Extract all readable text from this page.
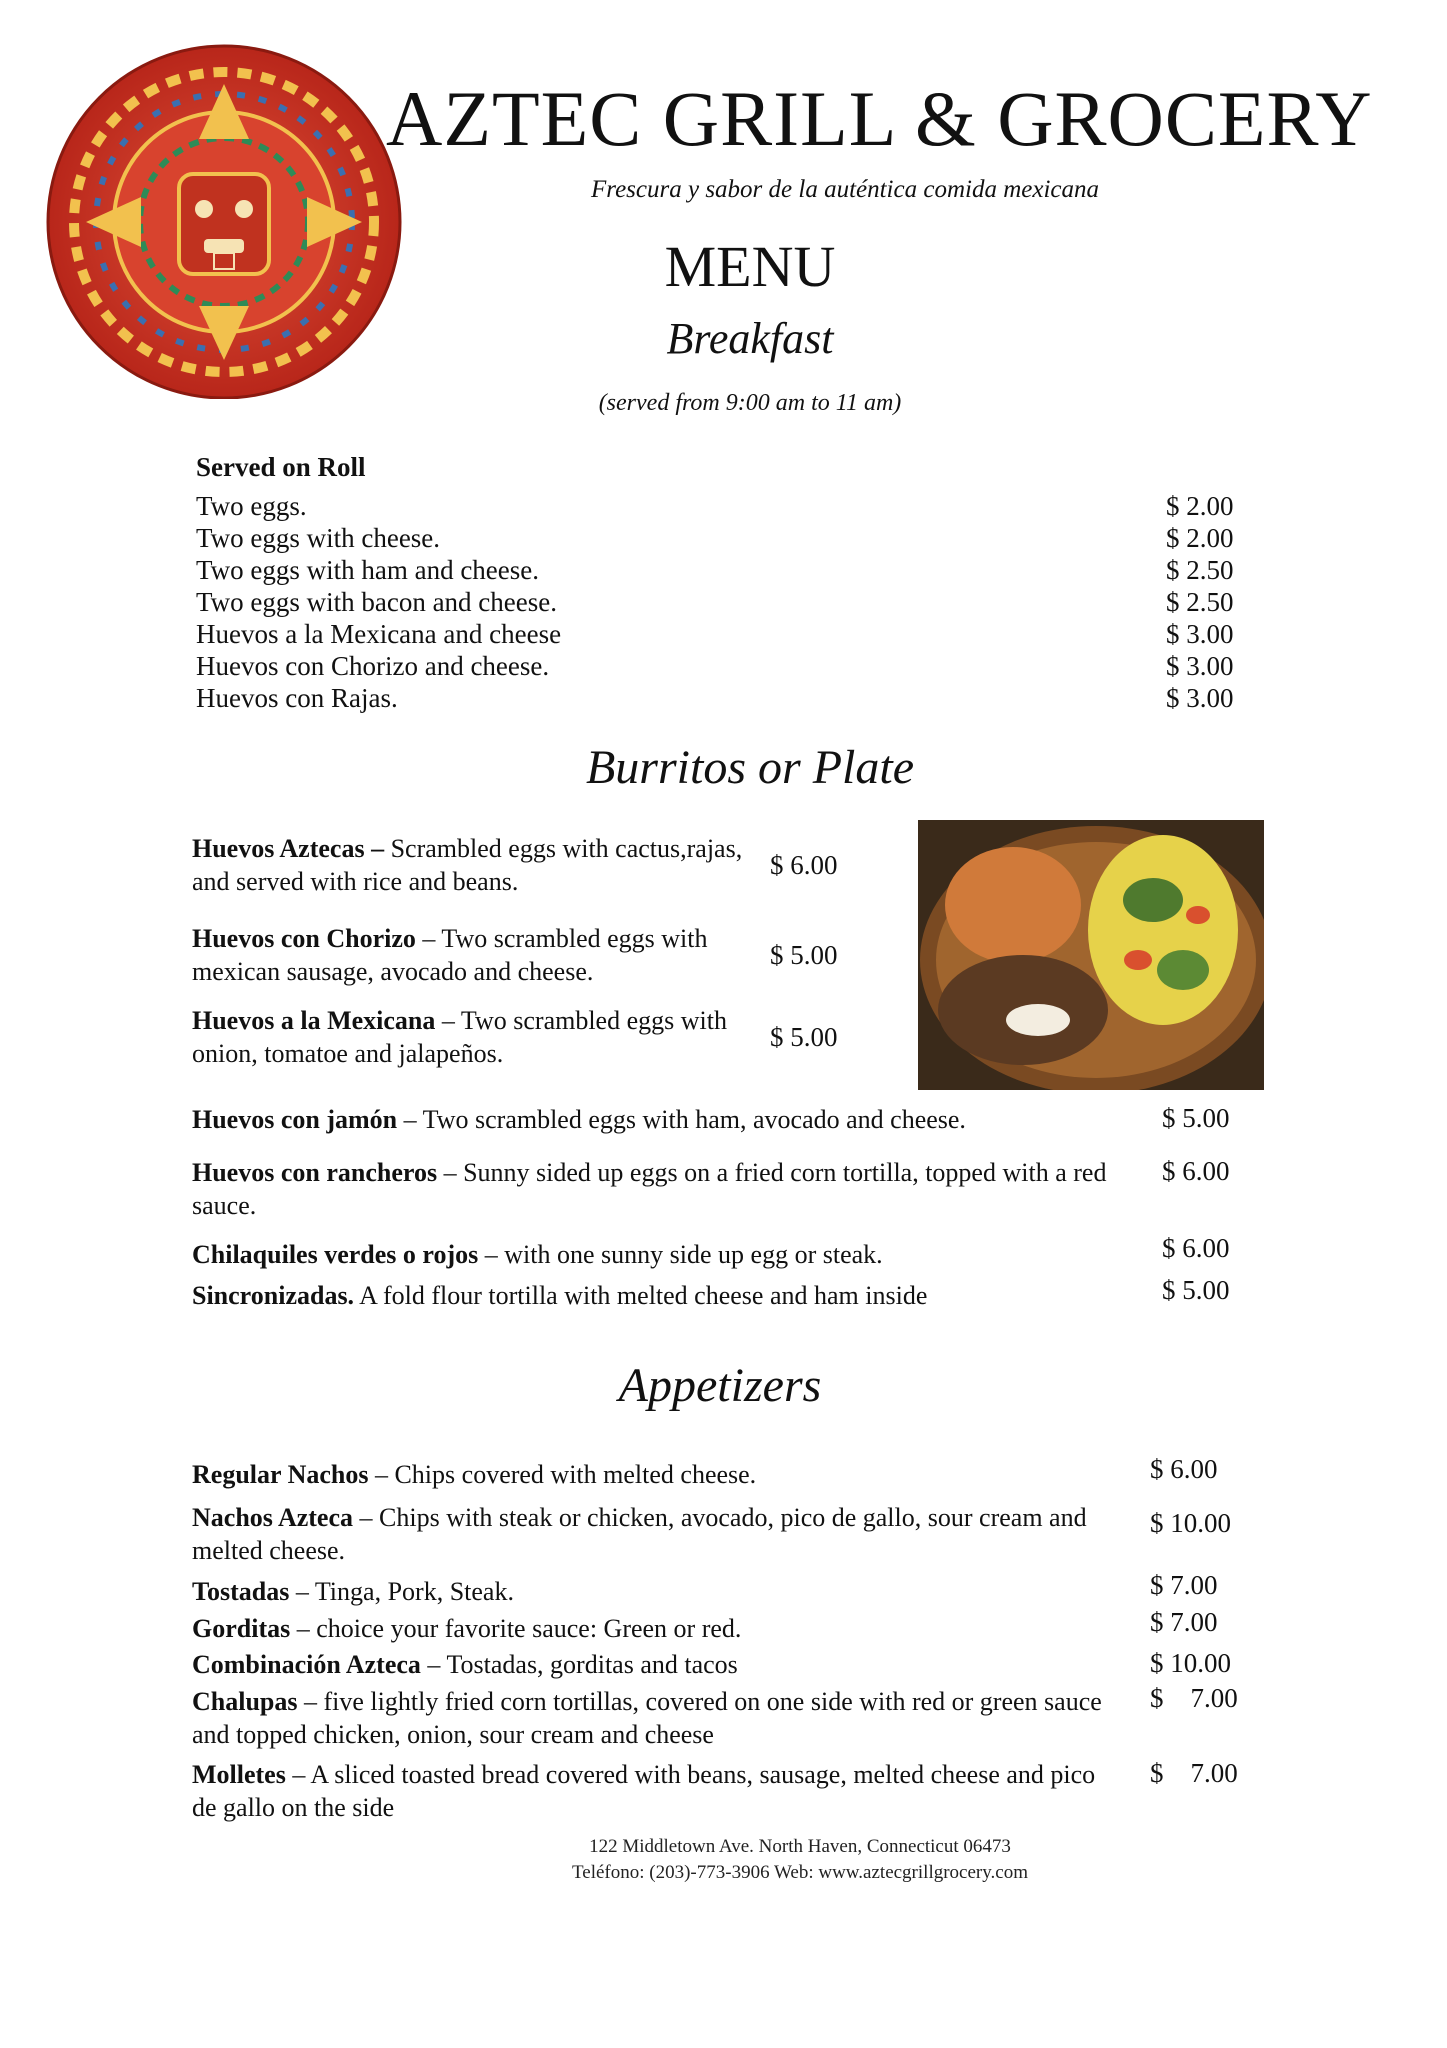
AZTEC GRILL & GROCERY
Frescura y sabor de la auténtica comida mexicana
MENU
Breakfast
(served from 9:00 am to 11 am)
Served on Roll
Two eggs.	$ 2.00
Two eggs with cheese.	$ 2.00
Two eggs with ham and cheese.	$ 2.50
Two eggs with bacon and cheese.	$ 2.50
Huevos a la Mexicana and cheese	$ 3.00
Huevos con Chorizo and cheese.	$ 3.00
Huevos con Rajas.	$ 3.00
Burritos or Plate
Huevos Aztecas – Scrambled eggs with cactus,rajas, and served with rice and beans.
$ 6.00
Huevos con Chorizo – Two scrambled eggs with mexican sausage, avocado and cheese.
$ 5.00
Huevos a la Mexicana – Two scrambled eggs with onion, tomatoe and jalapeños.
$ 5.00
Huevos con jamón – Two scrambled eggs with ham, avocado and cheese.	$ 5.00
Huevos con rancheros – Sunny sided up eggs on a fried corn tortilla, topped with a red sauce.
$ 6.00
Chilaquiles verdes o rojos – with one sunny side up egg or steak.	$ 6.00
Sincronizadas. A fold flour tortilla with melted cheese and ham inside	$ 5.00
Appetizers
Regular Nachos – Chips covered with melted cheese.	$ 6.00
Nachos Azteca – Chips with steak or chicken, avocado, pico de gallo, sour cream and melted cheese.
$ 10.00
Tostadas – Tinga, Pork, Steak.	$ 7.00
Gorditas – choice your favorite sauce: Green or red.	$ 7.00
Combinación Azteca – Tostadas, gorditas and tacos	$ 10.00
Chalupas – five lightly fried corn tortillas, covered on one side with red or green sauce and topped chicken, onion, sour cream and cheese
$    7.00
Molletes – A sliced toasted bread covered with beans, sausage, melted cheese and pico de gallo on the side
$    7.00
122 Middletown Ave. North Haven, Connecticut 06473
Teléfono: (203)-773-3906 Web: www.aztecgrillgrocery.com
